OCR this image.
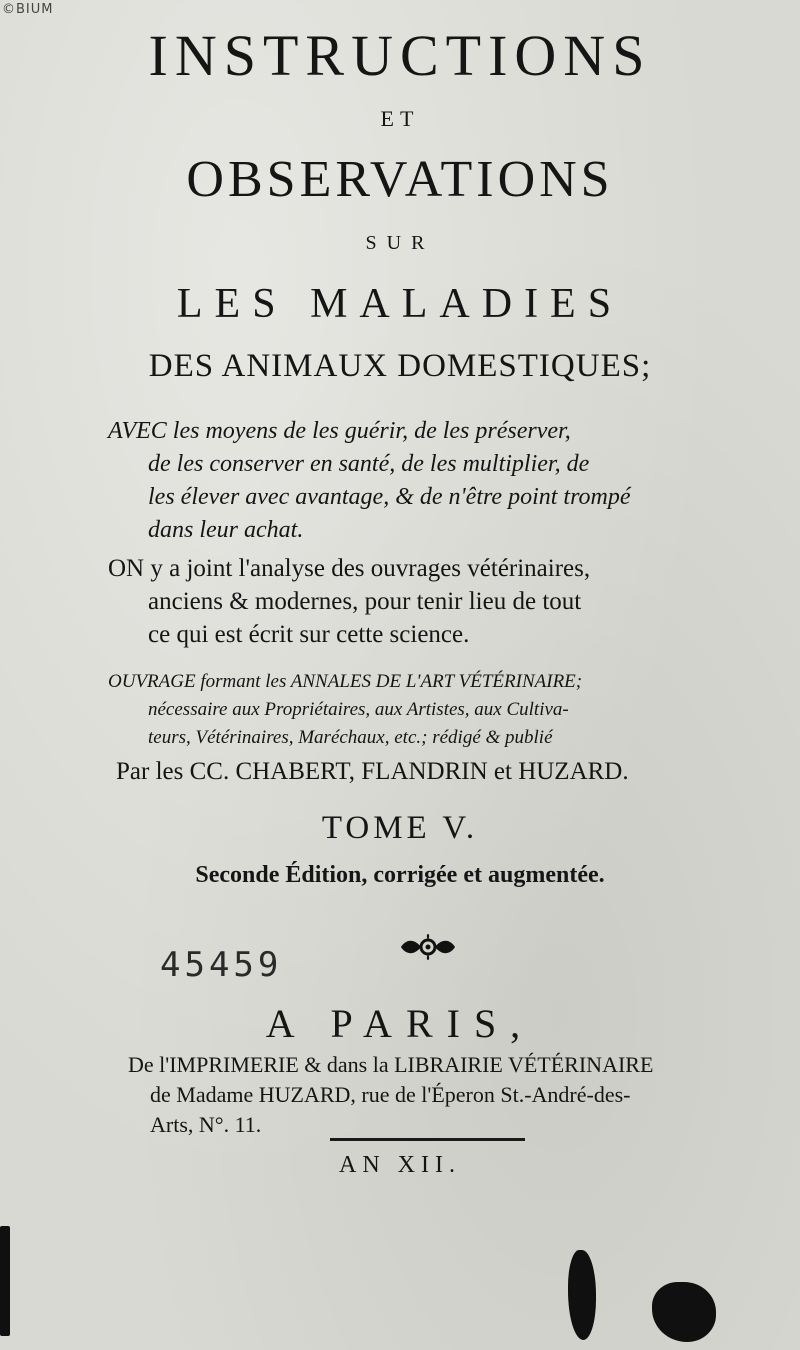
©BIUM
INSTRUCTIONS
ET
OBSERVATIONS
SUR
LES MALADIES
DES ANIMAUX DOMESTIQUES;
AVEC les moyens de les guérir, de les préserver,
de les conserver en santé, de les multiplier, de
les élever avec avantage, & de n'être point trompé
dans leur achat.
ON y a joint l'analyse des ouvrages vétérinaires,
anciens & modernes, pour tenir lieu de tout
ce qui est écrit sur cette science.
OUVRAGE formant les ANNALES DE L'ART VÉTÉRINAIRE;
nécessaire aux Propriétaires, aux Artistes, aux Cultiva-
teurs, Vétérinaires, Maréchaux, etc.; rédigé & publié
Par les CC. CHABERT, FLANDRIN et HUZARD.
TOME V.
Seconde Édition, corrigée et augmentée.
45459
A PARIS,
De l'IMPRIMERIE & dans la LIBRAIRIE VÉTÉRINAIRE
de Madame HUZARD, rue de l'Éperon St.-André-des-
Arts, N°. 11.
AN XII.
